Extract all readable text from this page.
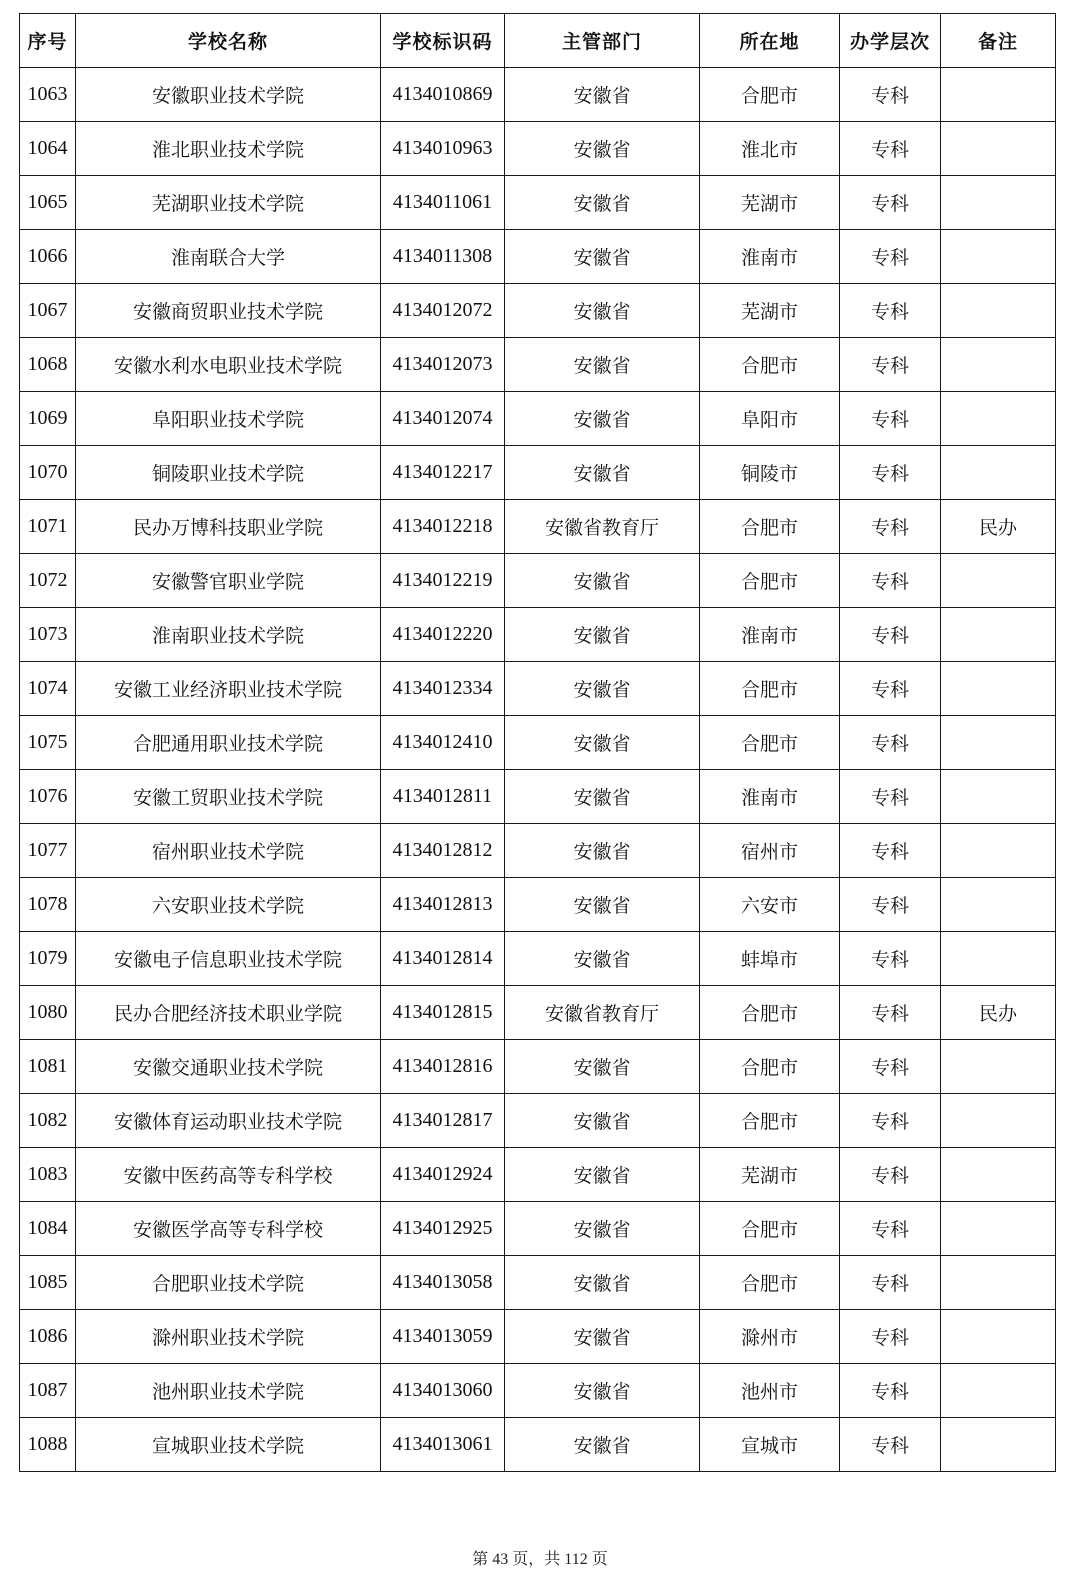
序号	学校名称	学校标识码	主管部门	所在地	办学层次	备注
1063	安徽职业技术学院	4134010869	安徽省	合肥市	专科	
1064	淮北职业技术学院	4134010963	安徽省	淮北市	专科	
1065	芜湖职业技术学院	4134011061	安徽省	芜湖市	专科	
1066	淮南联合大学	4134011308	安徽省	淮南市	专科	
1067	安徽商贸职业技术学院	4134012072	安徽省	芜湖市	专科	
1068	安徽水利水电职业技术学院	4134012073	安徽省	合肥市	专科	
1069	阜阳职业技术学院	4134012074	安徽省	阜阳市	专科	
1070	铜陵职业技术学院	4134012217	安徽省	铜陵市	专科	
1071	民办万博科技职业学院	4134012218	安徽省教育厅	合肥市	专科	民办
1072	安徽警官职业学院	4134012219	安徽省	合肥市	专科	
1073	淮南职业技术学院	4134012220	安徽省	淮南市	专科	
1074	安徽工业经济职业技术学院	4134012334	安徽省	合肥市	专科	
1075	合肥通用职业技术学院	4134012410	安徽省	合肥市	专科	
1076	安徽工贸职业技术学院	4134012811	安徽省	淮南市	专科	
1077	宿州职业技术学院	4134012812	安徽省	宿州市	专科	
1078	六安职业技术学院	4134012813	安徽省	六安市	专科	
1079	安徽电子信息职业技术学院	4134012814	安徽省	蚌埠市	专科	
1080	民办合肥经济技术职业学院	4134012815	安徽省教育厅	合肥市	专科	民办
1081	安徽交通职业技术学院	4134012816	安徽省	合肥市	专科	
1082	安徽体育运动职业技术学院	4134012817	安徽省	合肥市	专科	
1083	安徽中医药高等专科学校	4134012924	安徽省	芜湖市	专科	
1084	安徽医学高等专科学校	4134012925	安徽省	合肥市	专科	
1085	合肥职业技术学院	4134013058	安徽省	合肥市	专科	
1086	滁州职业技术学院	4134013059	安徽省	滁州市	专科	
1087	池州职业技术学院	4134013060	安徽省	池州市	专科	
1088	宣城职业技术学院	4134013061	安徽省	宣城市	专科	
第 43 页，共 112 页
